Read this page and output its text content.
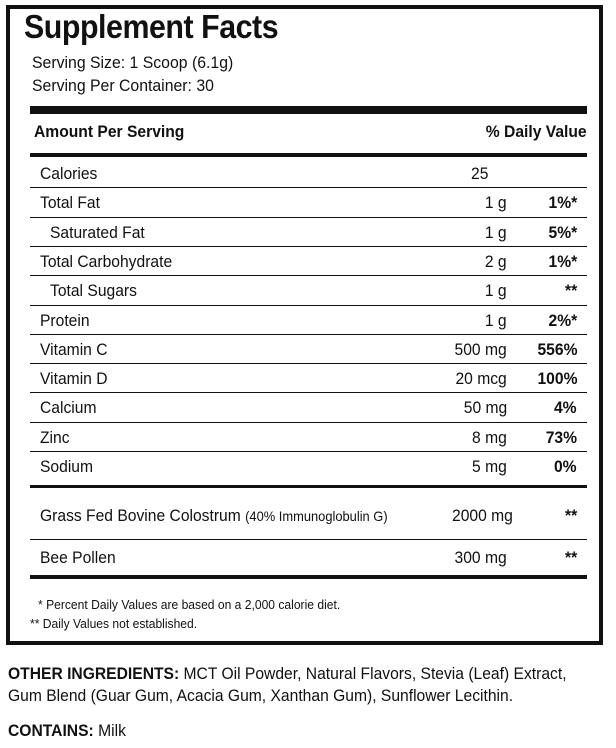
Supplement Facts
Serving Size: 1 Scoop (6.1g)
Serving Per Container: 30
Amount Per Serving	% Daily Value
Calories	25
Total Fat	1 g 1%*
Saturated Fat	1 g 5%*
Total Carbohydrate	2 g 1%*
Total Sugars	1 g	**
Protein	1 g 2%*
Vitamin C	500 mg 556%
Vitamin D	20 mcg 100%
Calcium	50 mg	4%
Zinc	8 mg 73%
Sodium	5 mg	0%
Grass Fed Bovine Colostrum (40% Immunoglobulin G)	2000 mg	**
Bee Pollen	300 mg	**
* Percent Daily Values are based on a 2,000 calorie diet.
** Daily Values not established.
OTHER INGREDIENTS: MCT Oil Powder, Natural Flavors, Stevia (Leaf) Extract,
Gum Blend (Guar Gum, Acacia Gum, Xanthan Gum), Sunflower Lecithin.
CONTAINS: Milk
